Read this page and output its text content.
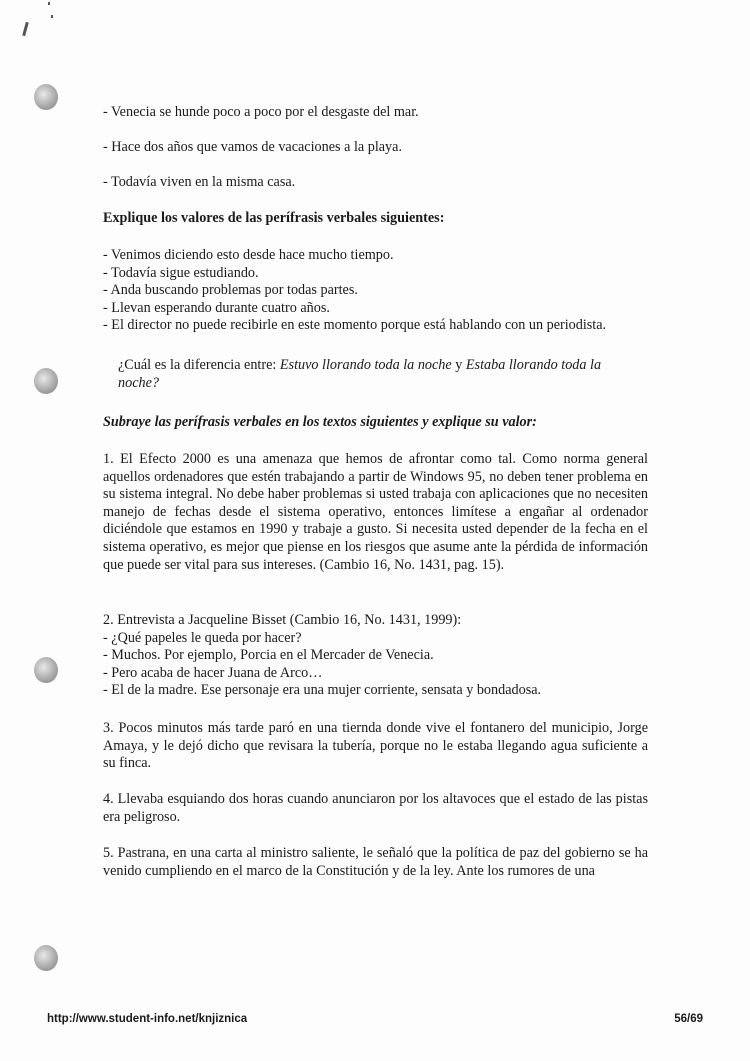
- Venecia se hunde poco a poco por el desgaste del mar.
- Hace dos años que vamos de vacaciones a la playa.
- Todavía viven en la misma casa.
Explique los valores de las perífrasis verbales siguientes:
- Venimos diciendo esto desde hace mucho tiempo.
- Todavía sigue estudiando.
- Anda buscando problemas por todas partes.
- Llevan esperando durante cuatro años.
- El director no puede recibirle en este momento porque está hablando con un periodista.
¿Cuál es la diferencia entre: Estuvo llorando toda la noche y Estaba llorando toda la noche?
Subraye las perífrasis verbales en los textos siguientes y explique su valor:
1. El Efecto 2000 es una amenaza que hemos de afrontar como tal. Como norma general aquellos ordenadores que estén trabajando a partir de Windows 95, no deben tener problema en su sistema integral. No debe haber problemas si usted trabaja con aplicaciones que no necesiten manejo de fechas desde el sistema operativo, entonces limítese a engañar al ordenador diciéndole que estamos en 1990 y trabaje a gusto. Si necesita usted depender de la fecha en el sistema operativo, es mejor que piense en los riesgos que asume ante la pérdida de información que puede ser vital para sus intereses. (Cambio 16, No. 1431, pag. 15).
2. Entrevista a Jacqueline Bisset (Cambio 16, No. 1431, 1999):
- ¿Qué papeles le queda por hacer?
- Muchos. Por ejemplo, Porcia en el Mercader de Venecia.
- Pero acaba de hacer Juana de Arco…
- El de la madre. Ese personaje era una mujer corriente, sensata y bondadosa.
3. Pocos minutos más tarde paró en una tiernda donde vive el fontanero del municipio, Jorge Amaya, y le dejó dicho que revisara la tubería, porque no le estaba llegando agua suficiente a su finca.
4. Llevaba esquiando dos horas cuando anunciaron por los altavoces que el estado de las pistas era peligroso.
5. Pastrana, en una carta al ministro saliente, le señaló que la política de paz del gobierno se ha venido cumpliendo en el marco de la Constitución y de la ley. Ante los rumores de una
http://www.student-info.net/knjiznica	56/69
